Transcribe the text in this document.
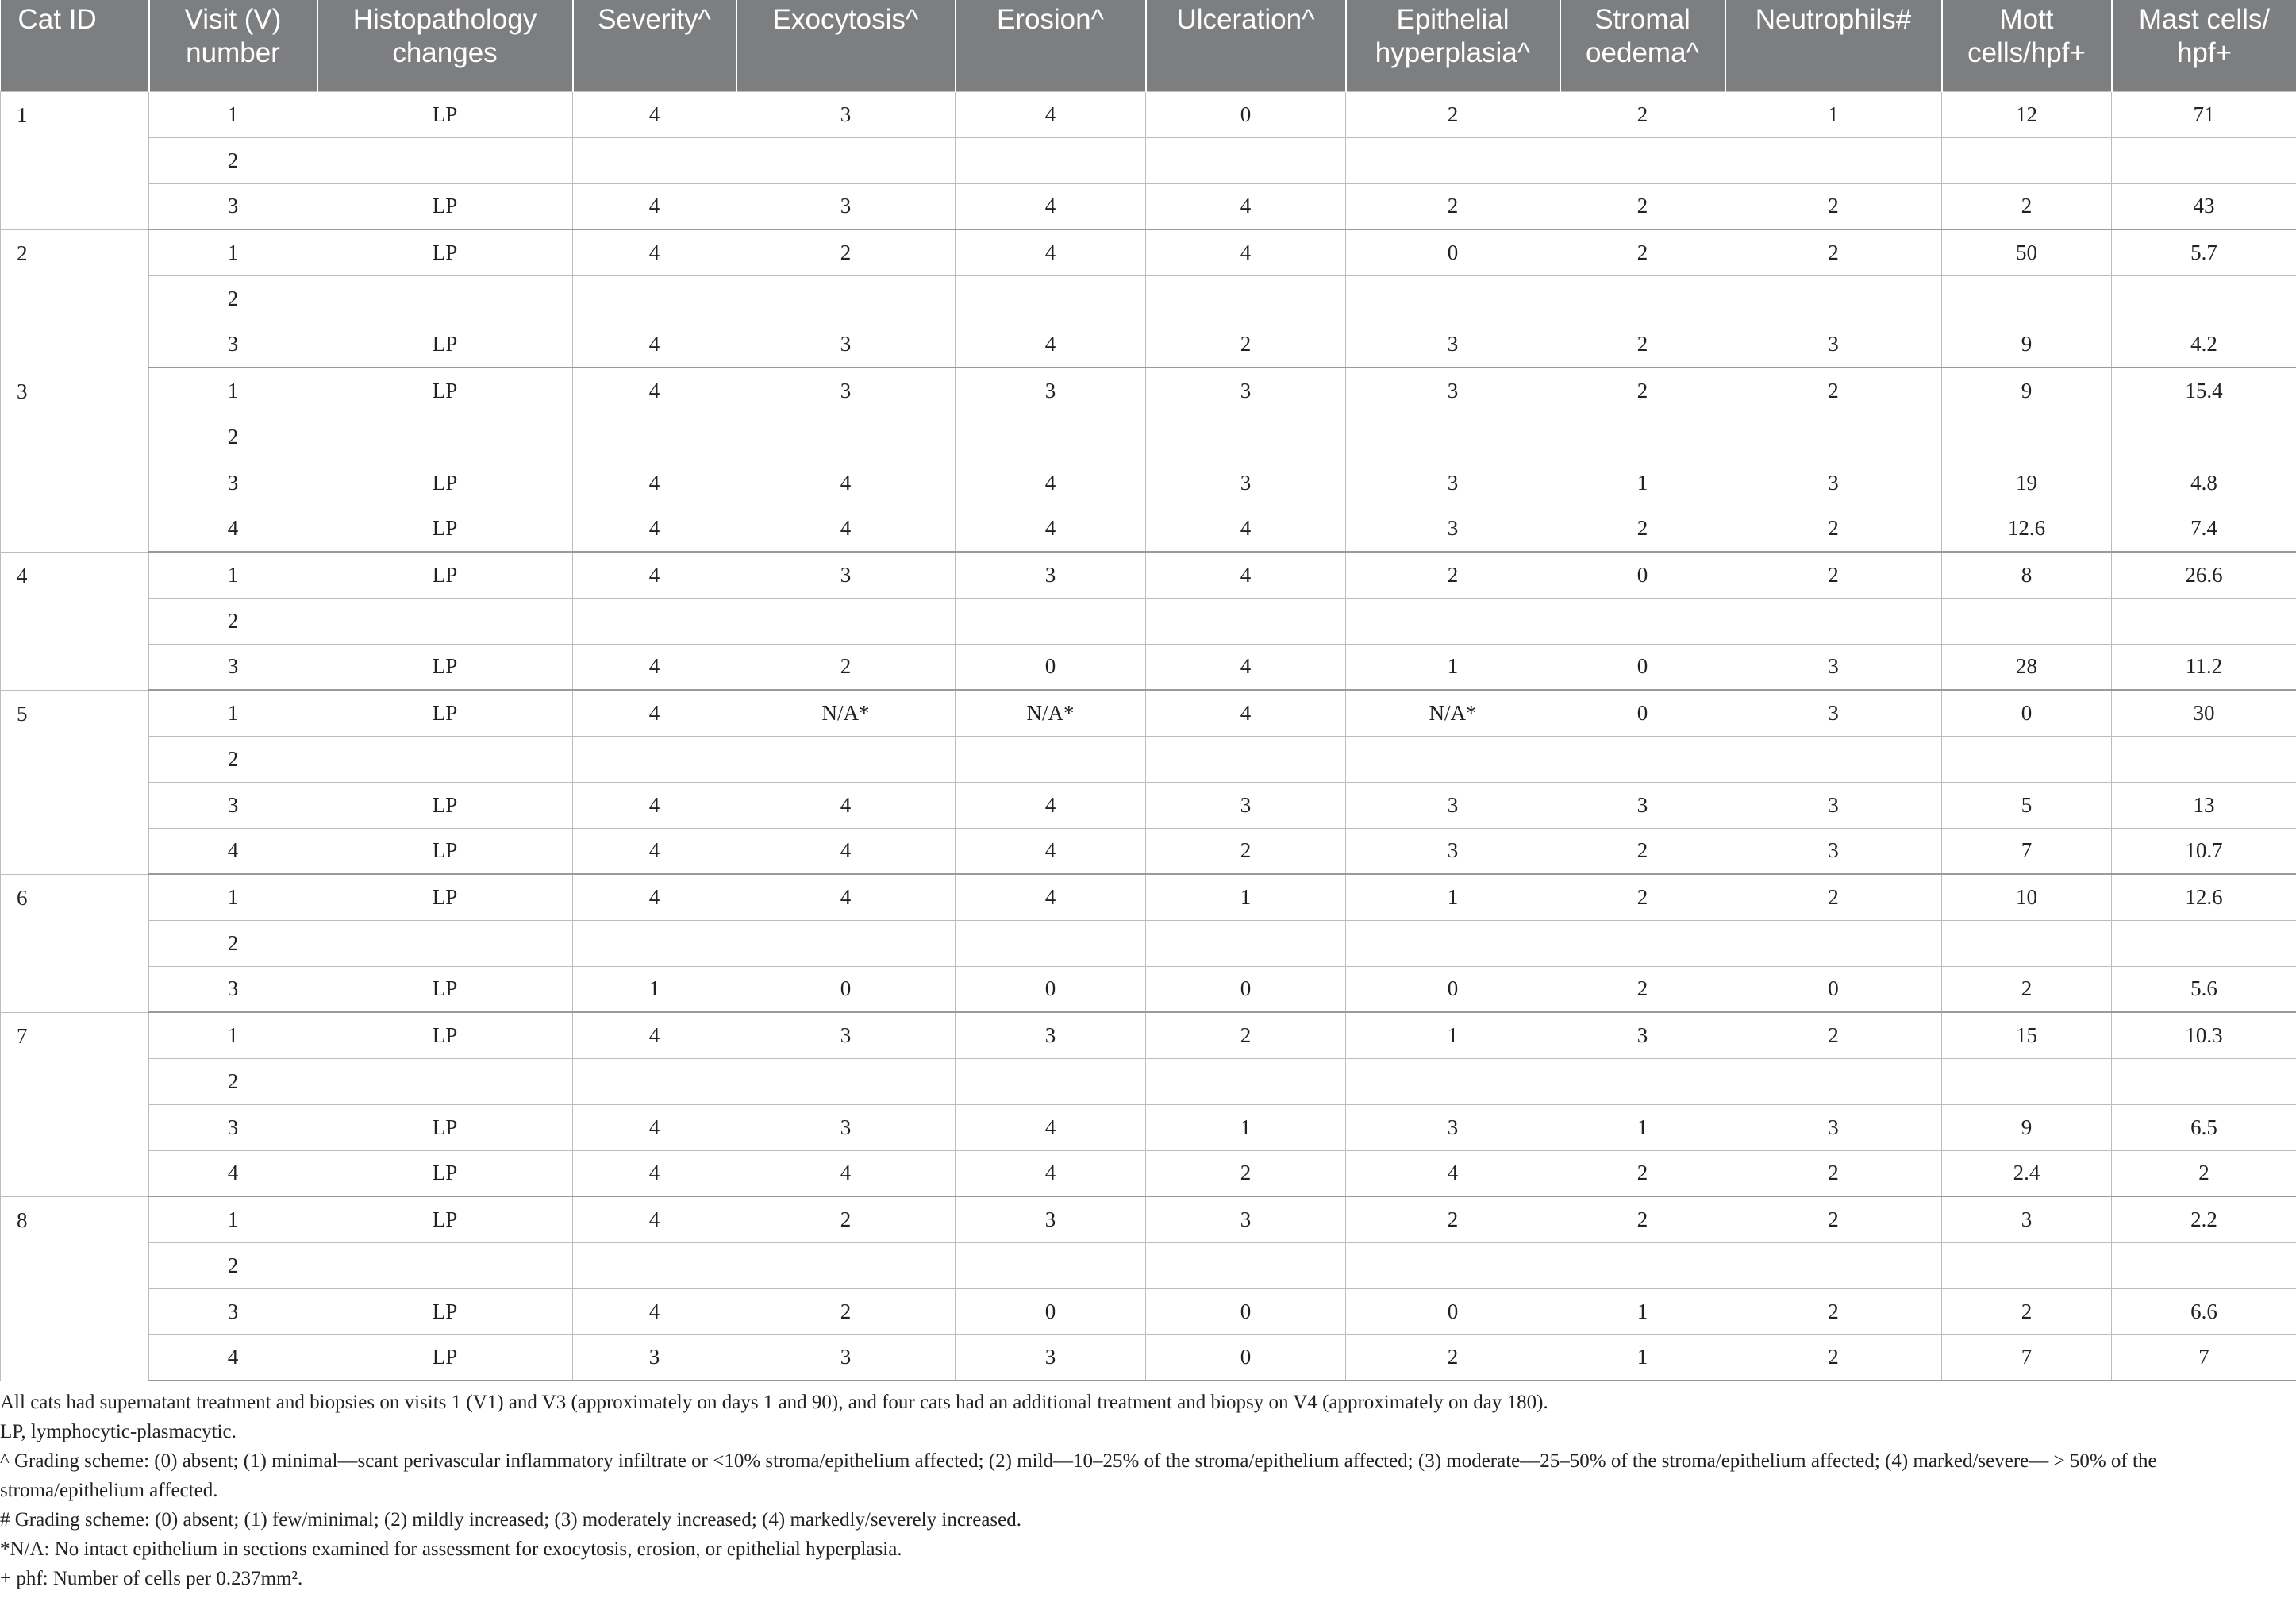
Cat ID	Visit (V) number	Histopathology changes	Severity^	Exocytosis^	Erosion^	Ulceration^	Epithelial hyperplasia^	Stromal oedema^	Neutrophils#	Mott cells/hpf+	Mast cells/ hpf+
1	1	LP	4	3	4	0	2	2	1	12	71
	2										
	3	LP	4	3	4	4	2	2	2	2	43
2	1	LP	4	2	4	4	0	2	2	50	5.7
	2										
	3	LP	4	3	4	2	3	2	3	9	4.2
3	1	LP	4	3	3	3	3	2	2	9	15.4
	2										
	3	LP	4	4	4	3	3	1	3	19	4.8
	4	LP	4	4	4	4	3	2	2	12.6	7.4
4	1	LP	4	3	3	4	2	0	2	8	26.6
	2										
	3	LP	4	2	0	4	1	0	3	28	11.2
5	1	LP	4	N/A*	N/A*	4	N/A*	0	3	0	30
	2										
	3	LP	4	4	4	3	3	3	3	5	13
	4	LP	4	4	4	2	3	2	3	7	10.7
6	1	LP	4	4	4	1	1	2	2	10	12.6
	2										
	3	LP	1	0	0	0	0	2	0	2	5.6
7	1	LP	4	3	3	2	1	3	2	15	10.3
	2										
	3	LP	4	3	4	1	3	1	3	9	6.5
	4	LP	4	4	4	2	4	2	2	2.4	2
8	1	LP	4	2	3	3	2	2	2	3	2.2
	2										
	3	LP	4	2	0	0	0	1	2	2	6.6
	4	LP	3	3	3	0	2	1	2	7	7

All cats had supernatant treatment and biopsies on visits 1 (V1) and V3 (approximately on days 1 and 90), and four cats had an additional treatment and biopsy on V4 (approximately on day 180).

LP, lymphocytic-plasmacytic.

^ Grading scheme: (0) absent; (1) minimal—scant perivascular inflammatory infiltrate or <10% stroma/epithelium affected; (2) mild—10–25% of the stroma/epithelium affected; (3) moderate—25–50% of the stroma/epithelium affected; (4) marked/severe— > 50% of the stroma/epithelium affected.

# Grading scheme: (0) absent; (1) few/minimal; (2) mildly increased; (3) moderately increased; (4) markedly/severely increased.

*N/A: No intact epithelium in sections examined for assessment for exocytosis, erosion, or epithelial hyperplasia.

+ phf: Number of cells per 0.237mm².
